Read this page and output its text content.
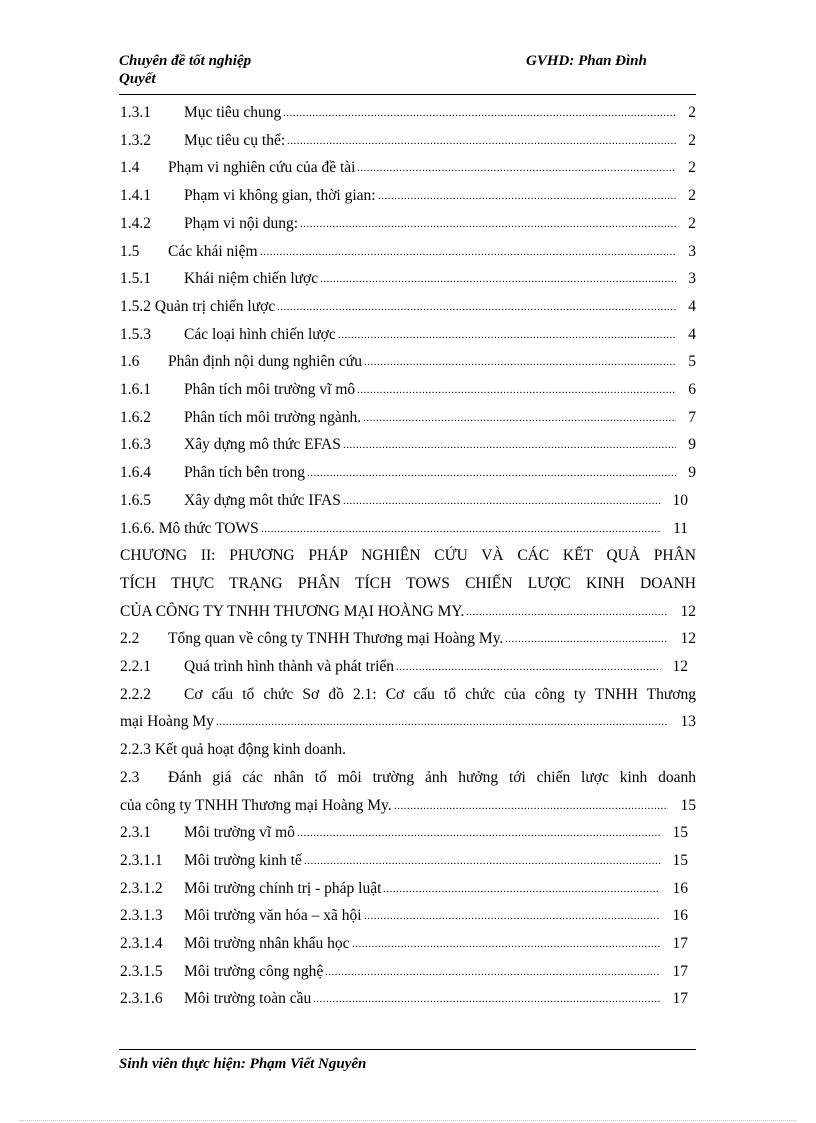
Chuyên đề tốt nghiệp
Quyết
GVHD: Phan Đình
1.3.1 Mục tiêu chung	2
.....
1.3.2 Mục tiêu cụ thể:	2
.....
1.4 Phạm vi nghiên cứu của đề tài	2
.....
1.4.1 Phạm vi không gian, thời gian:	2
.....
1.4.2 Phạm vi nội dung:	2
.....
1.5 Các khái niệm	3
.....
1.5.1 Khái niệm chiến lược	3
.....
1.5.2 Quản trị chiến lược	4
.....
1.5.3 Các loại hình chiến lược	4
.....
1.6 Phân định nội dung nghiên cứu	5
.....
1.6.1 Phân tích môi trường vĩ mô	6
.....
1.6.2 Phân tích môi trường ngành.	7
.....
1.6.3 Xây dựng mô thức EFAS	9
.....
1.6.4 Phân tích bên trong	9
.....
1.6.5 Xây dựng môt thức IFAS	10
.....
1.6.6. Mô thức TOWS	11
.....
CHƯƠNG II: PHƯƠNG PHÁP NGHIÊN CỨU VÀ CÁC KẾT QUẢ PHÂN
TÍCH THỰC TRẠNG PHÂN TÍCH TOWS CHIẾN LƯỢC KINH DOANH
CỦA CÔNG TY TNHH THƯƠNG MẠI HOÀNG MY.	12
.....
2.2 Tổng quan về công ty TNHH Thương mại Hoàng My.	12
.....
2.2.1 Quá trình hình thành và phát triển	12
.....
2.2.2 Cơ cấu tổ chức Sơ đồ 2.1: Cơ cấu tổ chức của công ty TNHH Thương
mại Hoàng My	13
.....
2.2.3 Kết quả hoạt động kinh doanh.
2.3 Đánh giá các nhân tố môi trường ảnh hưởng tới chiến lược kinh doanh
của công ty TNHH Thương mại Hoàng My.	15
.....
2.3.1 Môi trường vĩ mô	15
.....
2.3.1.1 Môi trường kinh tế	15
.....
2.3.1.2 Môi trường chính trị - pháp luật	16
.....
2.3.1.3 Môi trường văn hóa – xã hội	16
.....
2.3.1.4 Môi trường nhân khẩu học	17
.....
2.3.1.5 Môi trường công nghệ	17
.....
2.3.1.6 Môi trường toàn cầu	17
.....
Sinh viên thực hiện: Phạm Viết Nguyên
